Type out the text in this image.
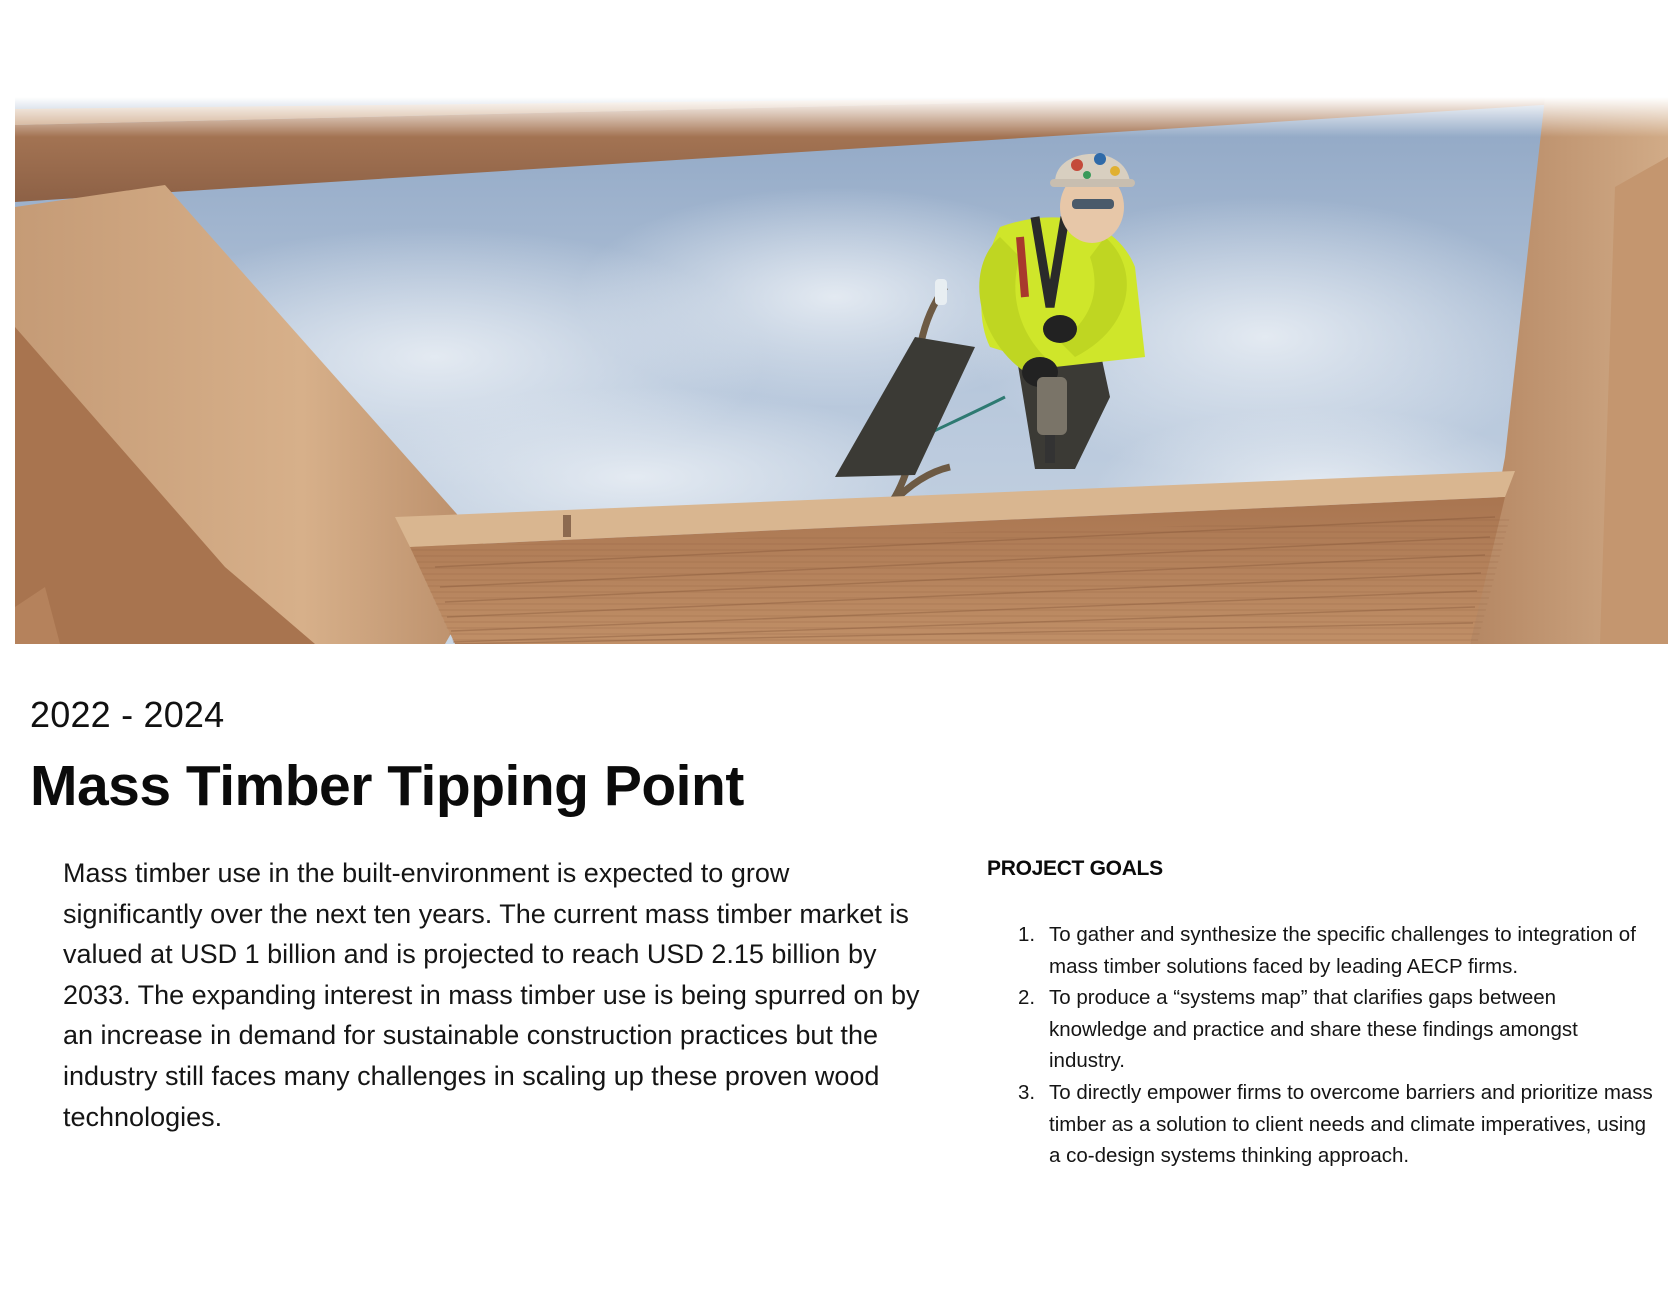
2022 - 2024
Mass Timber Tipping Point

Mass timber use in the built-environment is expected to grow significantly over the next ten years. The current mass timber market is valued at USD 1 billion and is projected to reach USD 2.15 billion by 2033. The expanding interest in mass timber use is being spurred on by an increase in demand for sustainable construction practices but the industry still faces many challenges in scaling up these proven wood technologies.

PROJECT GOALS
1. To gather and synthesize the specific challenges to integration of mass timber solutions faced by leading AECP firms.
2. To produce a “systems map” that clarifies gaps between knowledge and practice and share these findings amongst industry.
3. To directly empower firms to overcome barriers and prioritize mass timber as a solution to client needs and climate imperatives, using a co-design systems thinking approach.
